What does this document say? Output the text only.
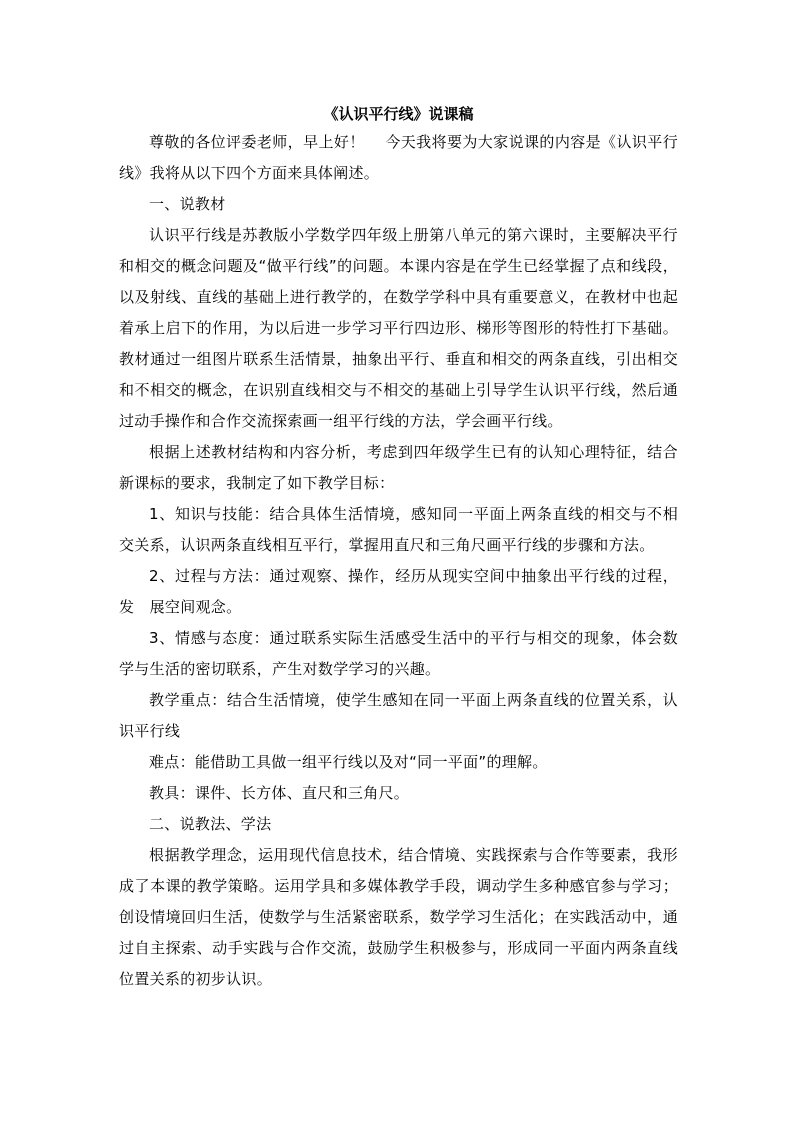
《认识平行线》说课稿

尊敬的各位评委老师，早上好！　 今天我将要为大家说课的内容是《认识平行线》我将从以下四个方面来具体阐述。

一、说教材

认识平行线是苏教版小学数学四年级上册第八单元的第六课时，主要解决平行和相交的概念问题及“做平行线”的问题。本课内容是在学生已经掌握了点和线段，以及射线、直线的基础上进行教学的，在数学学科中具有重要意义，在教材中也起着承上启下的作用，为以后进一步学习平行四边形、梯形等图形的特性打下基础。教材通过一组图片联系生活情景，抽象出平行、垂直和相交的两条直线，引出相交和不相交的概念，在识别直线相交与不相交的基础上引导学生认识平行线，然后通过动手操作和合作交流探索画一组平行线的方法，学会画平行线。

根据上述教材结构和内容分析，考虑到四年级学生已有的认知心理特征，结合新课标的要求，我制定了如下教学目标：

1、知识与技能：结合具体生活情境，感知同一平面上两条直线的相交与不相交关系，认识两条直线相互平行，掌握用直尺和三角尺画平行线的步骤和方法。

2、过程与方法：通过观察、操作，经历从现实空间中抽象出平行线的过程，发　展空间观念。

3、情感与态度：通过联系实际生活感受生活中的平行与相交的现象，体会数学与生活的密切联系，产生对数学学习的兴趣。

教学重点：结合生活情境，使学生感知在同一平面上两条直线的位置关系，认识平行线

难点：能借助工具做一组平行线以及对“同一平面”的理解。

教具：课件、长方体、直尺和三角尺。

二、说教法、学法

根据教学理念，运用现代信息技术，结合情境、实践探索与合作等要素，我形成了本课的教学策略。运用学具和多媒体教学手段，调动学生多种感官参与学习；创设情境回归生活，使数学与生活紧密联系，数学学习生活化；在实践活动中，通过自主探索、动手实践与合作交流，鼓励学生积极参与，形成同一平面内两条直线位置关系的初步认识。
